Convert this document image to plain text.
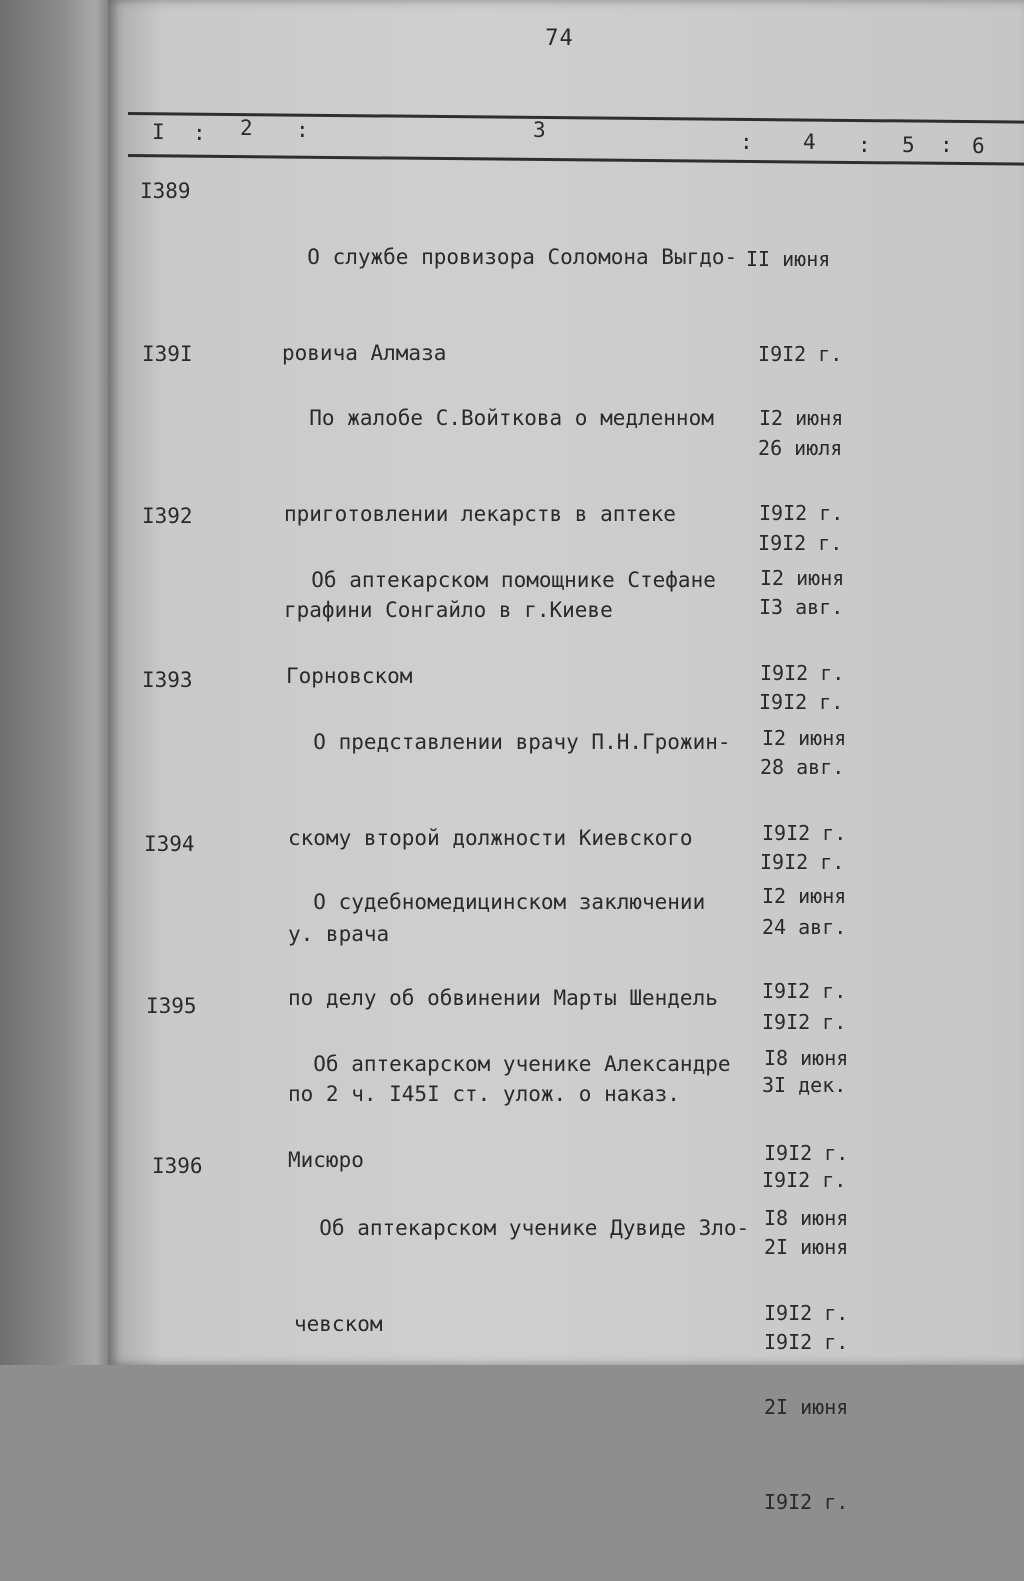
74
I : 2 :	3	: 4 : 5 : 6
I389

О службе провизора Соломона Выгдо-

ровича Алмаза

II июня

I9I2 г.

26 июля

I9I2 г.

I39I

По жалобе С.Войткова о медленном

приготовлении лекарств в аптеке

графини Сонгайло в г.Киеве

I2 июня

I9I2 г.

I3 авг.

I9I2 г.

I392

Об аптекарском помощнике Стефане

Горновском

I2 июня

I9I2 г.

28 авг.

I9I2 г.

I393

О представлении врачу П.Н.Грожин-

скому второй должности Киевского

у. врача

I2 июня

I9I2 г.

24 авг.

I9I2 г.

I394

О судебномедицинском заключении

по делу об обвинении Марты Шендель

по 2 ч. I45I ст. улож. о наказ.

I2 июня

I9I2 г.

3I дек.

I9I2 г.

I395

Об аптекарском ученике Александре

Мисюро

I8 июня

I9I2 г.

2I июня

I9I2 г.

I396

Об аптекарском ученике Дувиде Зло-

чевском

I8 июня

I9I2 г.

2I июня

I9I2 г.
